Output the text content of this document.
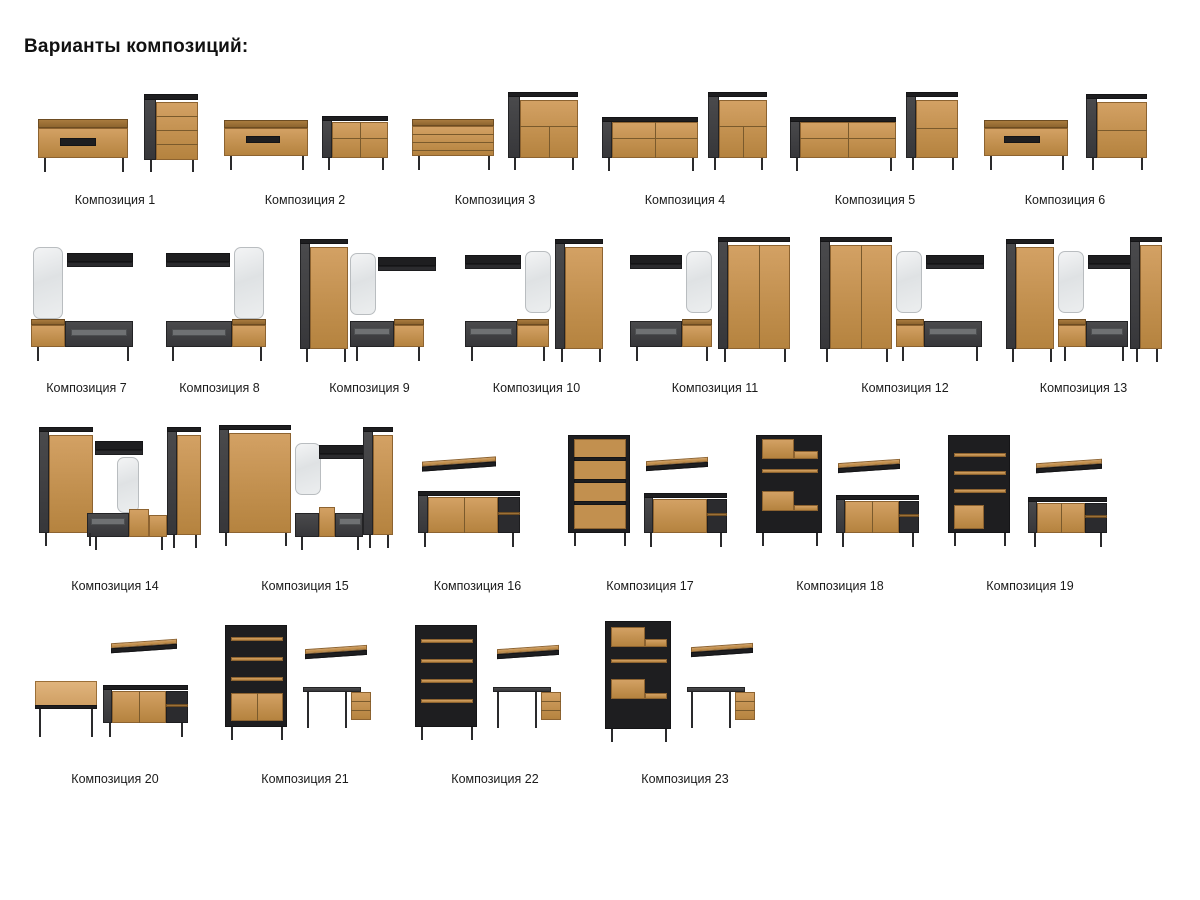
Варианты композиций:
Композиция 1	Композиция 2	Композиция 3	Композиция 4	Композиция 5	Композиция 6
Композиция 7	Композиция 8	Композиция 9	Композиция 10	Композиция 11	Композиция 12	Композиция 13
Композиция 14	Композиция 15	Композиция 16	Композиция 17	Композиция 18	Композиция 19
Композиция 20	Композиция 21	Композиция 22	Композиция 23
